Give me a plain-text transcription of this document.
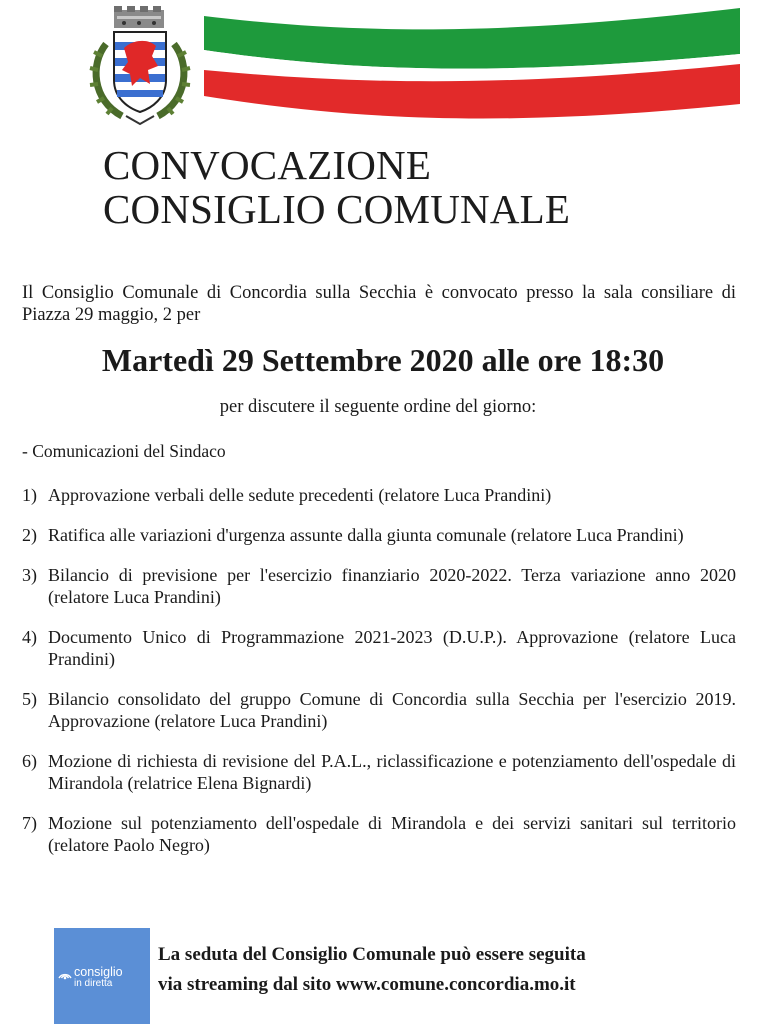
CONVOCAZIONE
CONSIGLIO COMUNALE

Il Consiglio Comunale di Concordia sulla Secchia è convocato presso la sala consiliare di Piazza 29 maggio, 2 per

Martedì 29 Settembre 2020 alle ore 18:30

per discutere il seguente ordine del giorno:

- Comunicazioni del Sindaco

1) Approvazione verbali delle sedute precedenti (relatore Luca Prandini)
2) Ratifica alle variazioni d'urgenza assunte dalla giunta comunale (relatore Luca Prandini)
3) Bilancio di previsione per l'esercizio finanziario 2020-2022. Terza variazione anno 2020 (relatore Luca Prandini)
4) Documento Unico di Programmazione 2021-2023 (D.U.P.). Approvazione (relatore Luca Prandini)
5) Bilancio consolidato del gruppo Comune di Concordia sulla Secchia per l'esercizio 2019. Approvazione (relatore Luca Prandini)
6) Mozione di richiesta di revisione del P.A.L., riclassificazione e potenziamento dell'ospedale di Mirandola (relatrice Elena Bignardi)
7) Mozione sul potenziamento dell'ospedale di Mirandola e dei servizi sanitari sul territorio (relatore Paolo Negro)
consiglio
in diretta

La seduta del Consiglio Comunale può essere seguita
via streaming dal sito www.comune.concordia.mo.it
